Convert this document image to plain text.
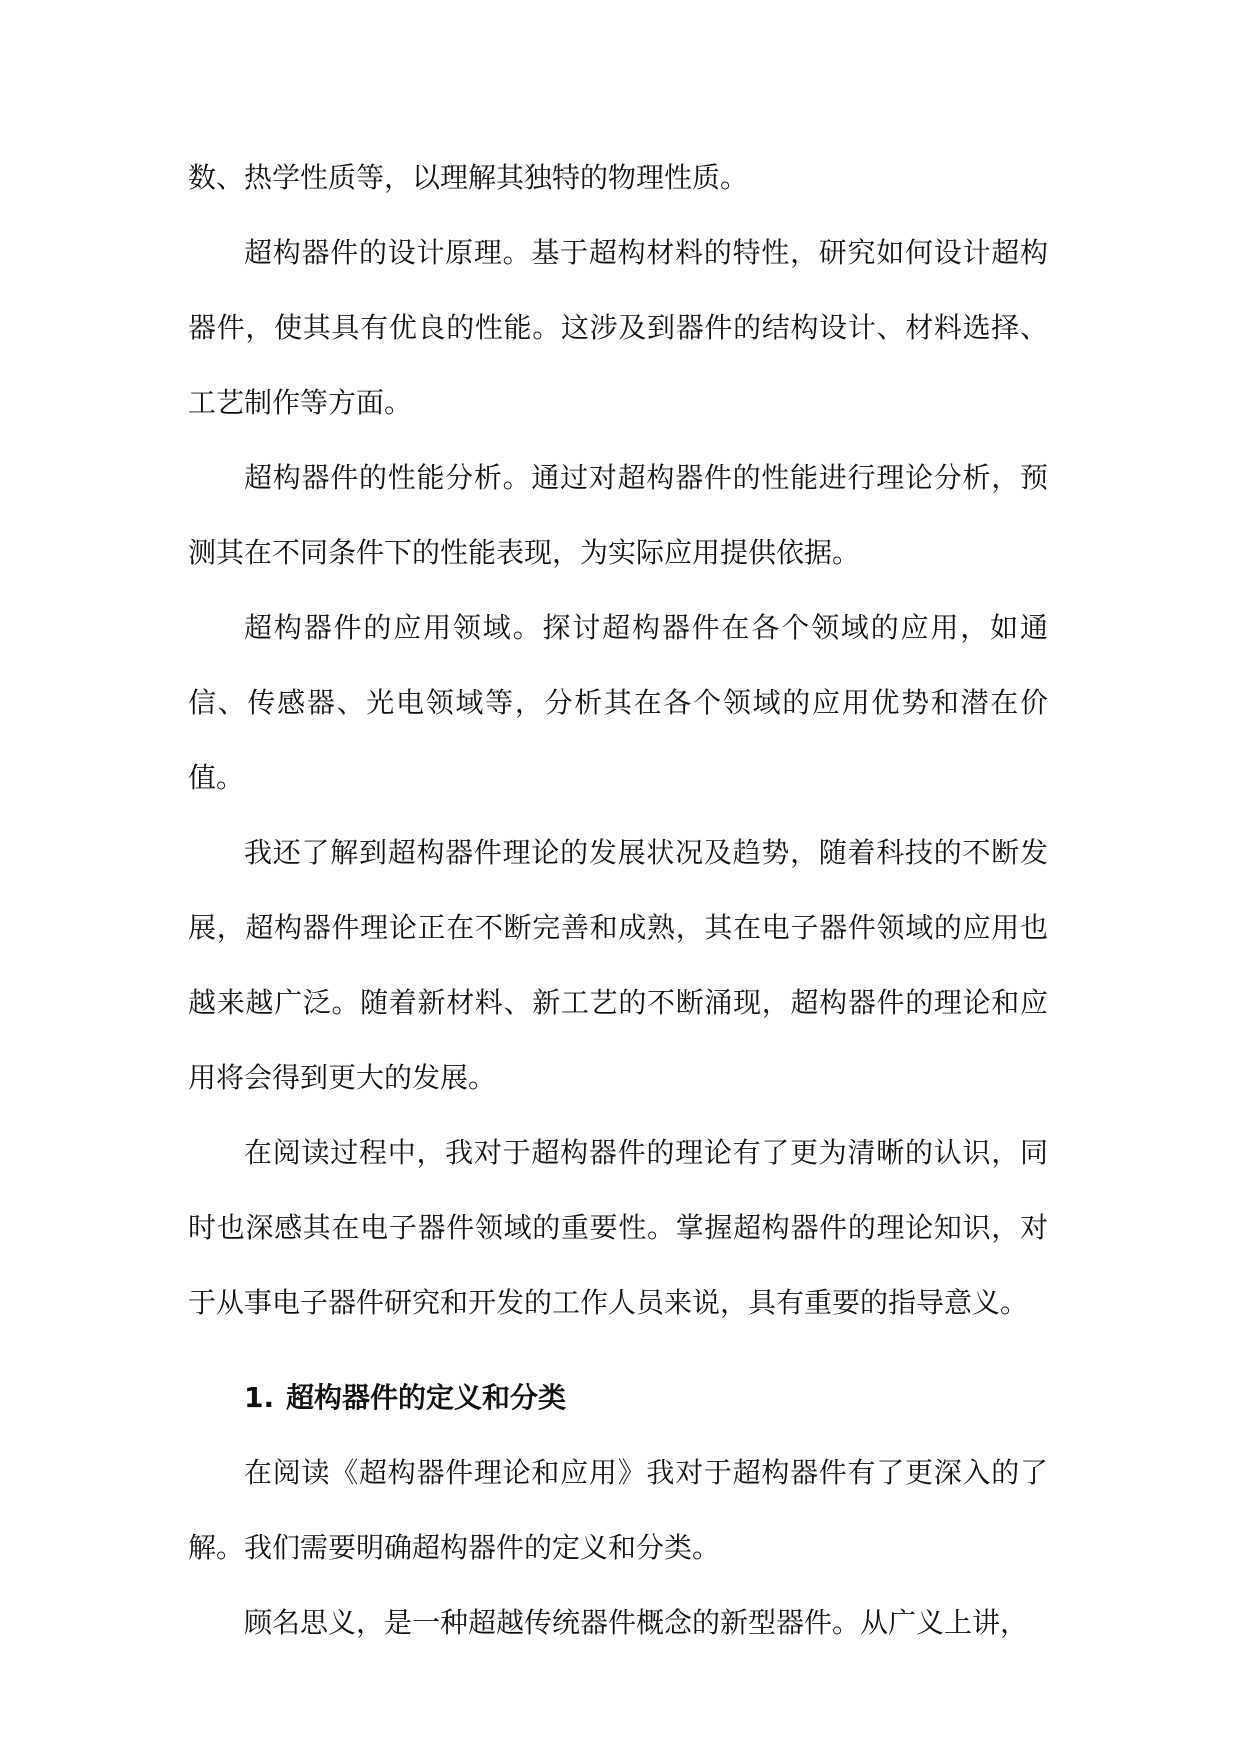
数、热学性质等，以理解其独特的物理性质。

超构器件的设计原理。基于超构材料的特性，研究如何设计超构器件，使其具有优良的性能。这涉及到器件的结构设计、材料选择、工艺制作等方面。

超构器件的性能分析。通过对超构器件的性能进行理论分析，预测其在不同条件下的性能表现，为实际应用提供依据。

超构器件的应用领域。探讨超构器件在各个领域的应用，如通信、传感器、光电领域等，分析其在各个领域的应用优势和潜在价值。

我还了解到超构器件理论的发展状况及趋势，随着科技的不断发展，超构器件理论正在不断完善和成熟，其在电子器件领域的应用也越来越广泛。随着新材料、新工艺的不断涌现，超构器件的理论和应用将会得到更大的发展。

在阅读过程中，我对于超构器件的理论有了更为清晰的认识，同时也深感其在电子器件领域的重要性。掌握超构器件的理论知识，对于从事电子器件研究和开发的工作人员来说，具有重要的指导意义。

1. 超构器件的定义和分类

在阅读《超构器件理论和应用》我对于超构器件有了更深入的了解。我们需要明确超构器件的定义和分类。

顾名思义，是一种超越传统器件概念的新型器件。从广义上讲，
